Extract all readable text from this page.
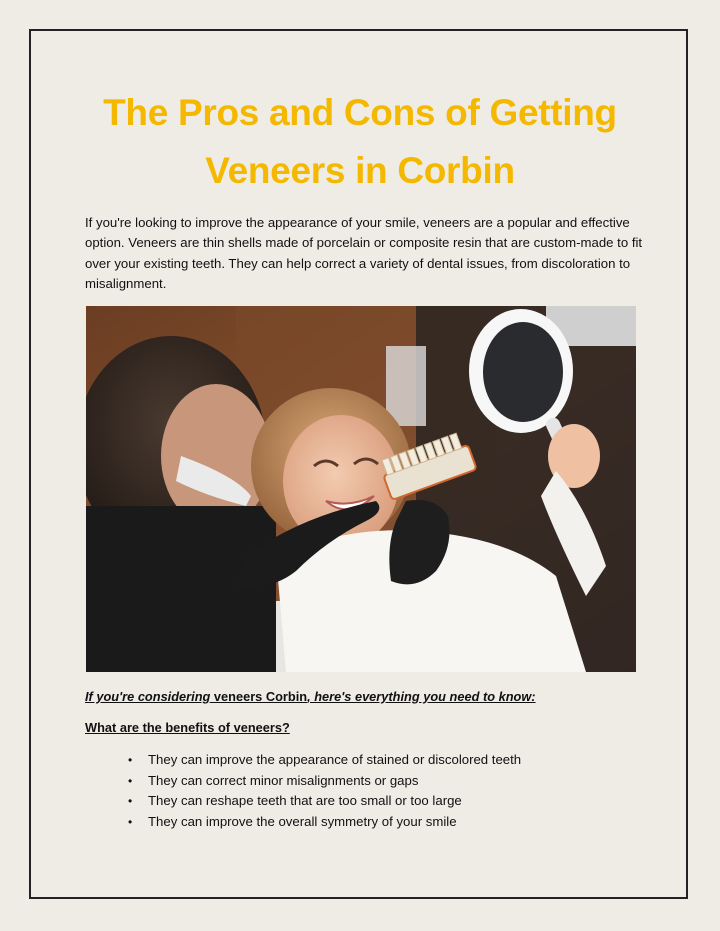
The Pros and Cons of Getting
Veneers in Corbin

If you're looking to improve the appearance of your smile, veneers are a popular and effective option. Veneers are thin shells made of porcelain or composite resin that are custom-made to fit over your existing teeth. They can help correct a variety of dental issues, from discoloration to misalignment.

If you're considering veneers Corbin, here's everything you need to know:
What are the benefits of veneers?
• They can improve the appearance of stained or discolored teeth
• They can correct minor misalignments or gaps
• They can reshape teeth that are too small or too large
• They can improve the overall symmetry of your smile
